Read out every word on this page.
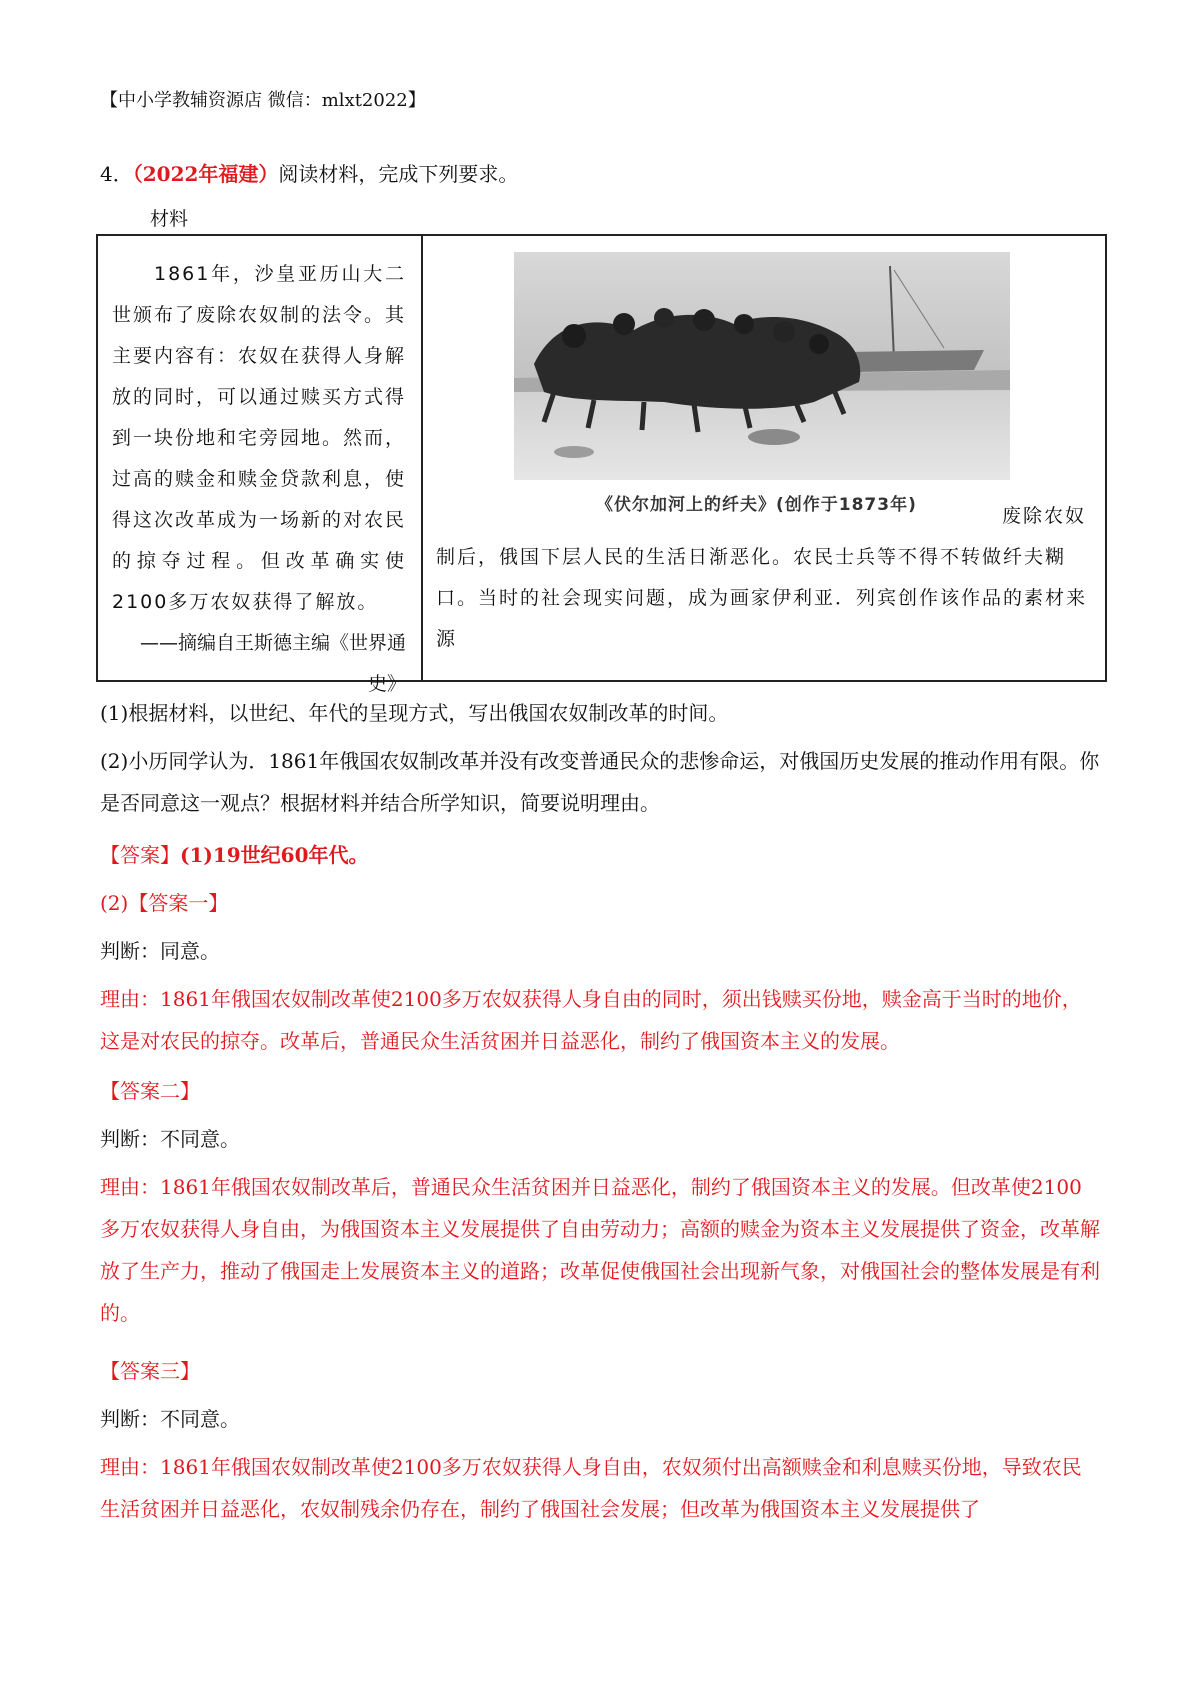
【中小学教辅资源店 微信：mlxt2022】
4．（2022年福建）阅读材料，完成下列要求。
材料
1861年，沙皇亚历山大二世颁布了废除农奴制的法令。其主要内容有：农奴在获得人身解放的同时，可以通过赎买方式得到一块份地和宅旁园地。然而，过高的赎金和赎金贷款利息，使得这次改革成为一场新的对农民的掠夺过程。但改革确实使2100多万农奴获得了解放。
——摘编自王斯德主编《世界通史》
《伏尔加河上的纤夫》(创作于1873年)	废除农奴
制后，俄国下层人民的生活日渐恶化。农民士兵等不得不转做纤夫糊口。当时的社会现实问题，成为画家伊利亚．列宾创作该作品的素材来源
(1)根据材料，以世纪、年代的呈现方式，写出俄国农奴制改革的时间。
(2)小历同学认为．1861年俄国农奴制改革并没有改变普通民众的悲惨命运，对俄国历史发展的推动作用有限。你是否同意这一观点？根据材料并结合所学知识，简要说明理由。
【答案】(1)19世纪60年代。
(2)【答案一】
判断：同意。
理由：1861年俄国农奴制改革使2100多万农奴获得人身自由的同时，须出钱赎买份地，赎金高于当时的地价，这是对农民的掠夺。改革后，普通民众生活贫困并日益恶化，制约了俄国资本主义的发展。
【答案二】
判断：不同意。
理由：1861年俄国农奴制改革后，普通民众生活贫困并日益恶化，制约了俄国资本主义的发展。但改革使2100多万农奴获得人身自由，为俄国资本主义发展提供了自由劳动力；高额的赎金为资本主义发展提供了资金，改革解放了生产力，推动了俄国走上发展资本主义的道路；改革促使俄国社会出现新气象，对俄国社会的整体发展是有利的。
【答案三】
判断：不同意。
理由：1861年俄国农奴制改革使2100多万农奴获得人身自由，农奴须付出高额赎金和利息赎买份地，导致农民生活贫困并日益恶化，农奴制残余仍存在，制约了俄国社会发展；但改革为俄国资本主义发展提供了
